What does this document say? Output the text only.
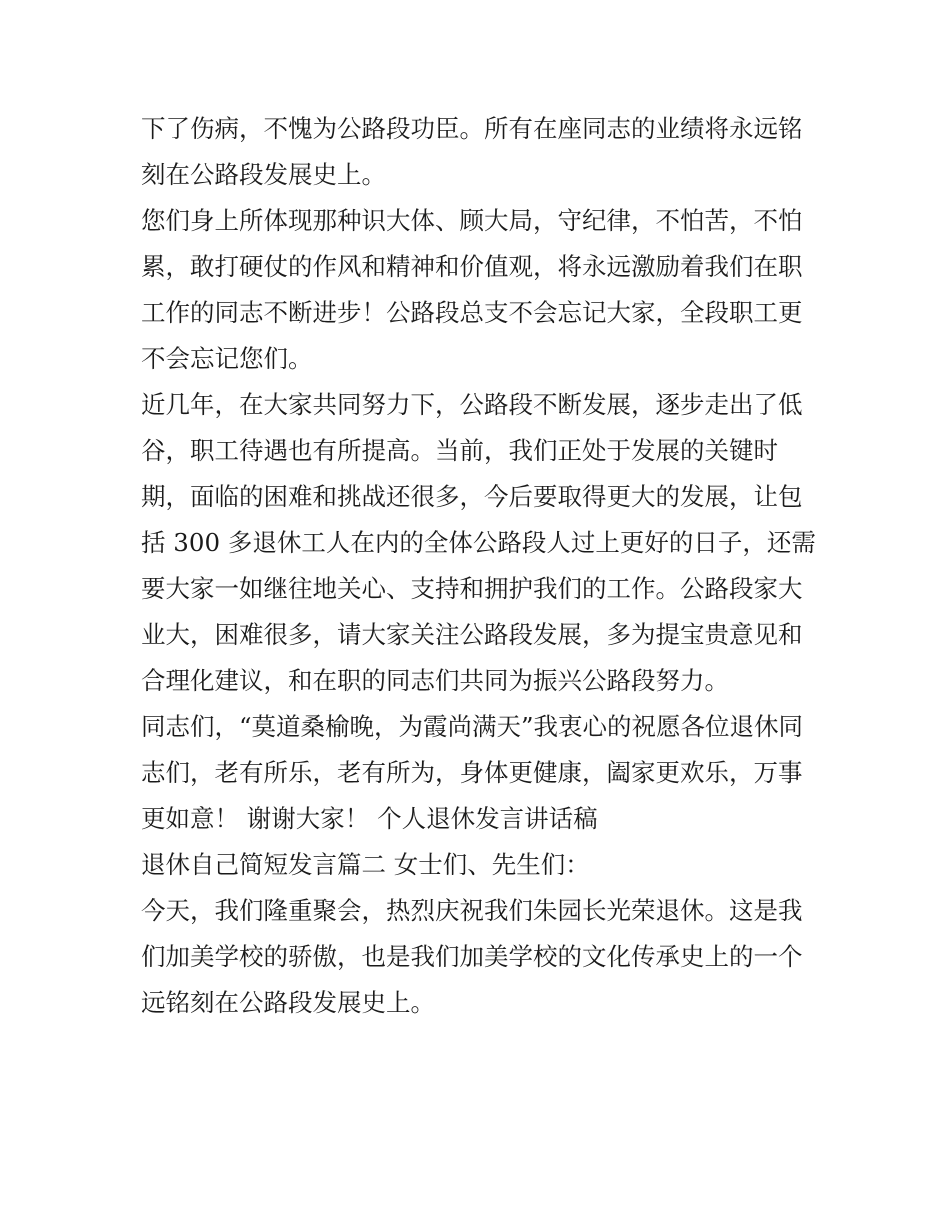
下了伤病，不愧为公路段功臣。所有在座同志的业绩将永远铭
刻在公路段发展史上。
您们身上所体现那种识大体、顾大局，守纪律，不怕苦，不怕
累，敢打硬仗的作风和精神和价值观，将永远激励着我们在职
工作的同志不断进步！公路段总支不会忘记大家，全段职工更
不会忘记您们。
近几年，在大家共同努力下，公路段不断发展，逐步走出了低
谷，职工待遇也有所提高。当前，我们正处于发展的关键时
期，面临的困难和挑战还很多，今后要取得更大的发展，让包
括 300 多退休工人在内的全体公路段人过上更好的日子，还需
要大家一如继往地关心、支持和拥护我们的工作。公路段家大
业大，困难很多，请大家关注公路段发展，多为提宝贵意见和
合理化建议，和在职的同志们共同为振兴公路段努力。
同志们，“莫道桑榆晚，为霞尚满天”我衷心的祝愿各位退休同
志们，老有所乐，老有所为，身体更健康，阖家更欢乐，万事
更如意！ 谢谢大家！ 个人退休发言讲话稿
退休自己简短发言篇二 女士们、先生们：
今天，我们隆重聚会，热烈庆祝我们朱园长光荣退休。这是我
们加美学校的骄傲，也是我们加美学校的文化传承史上的一个
远铭刻在公路段发展史上。
